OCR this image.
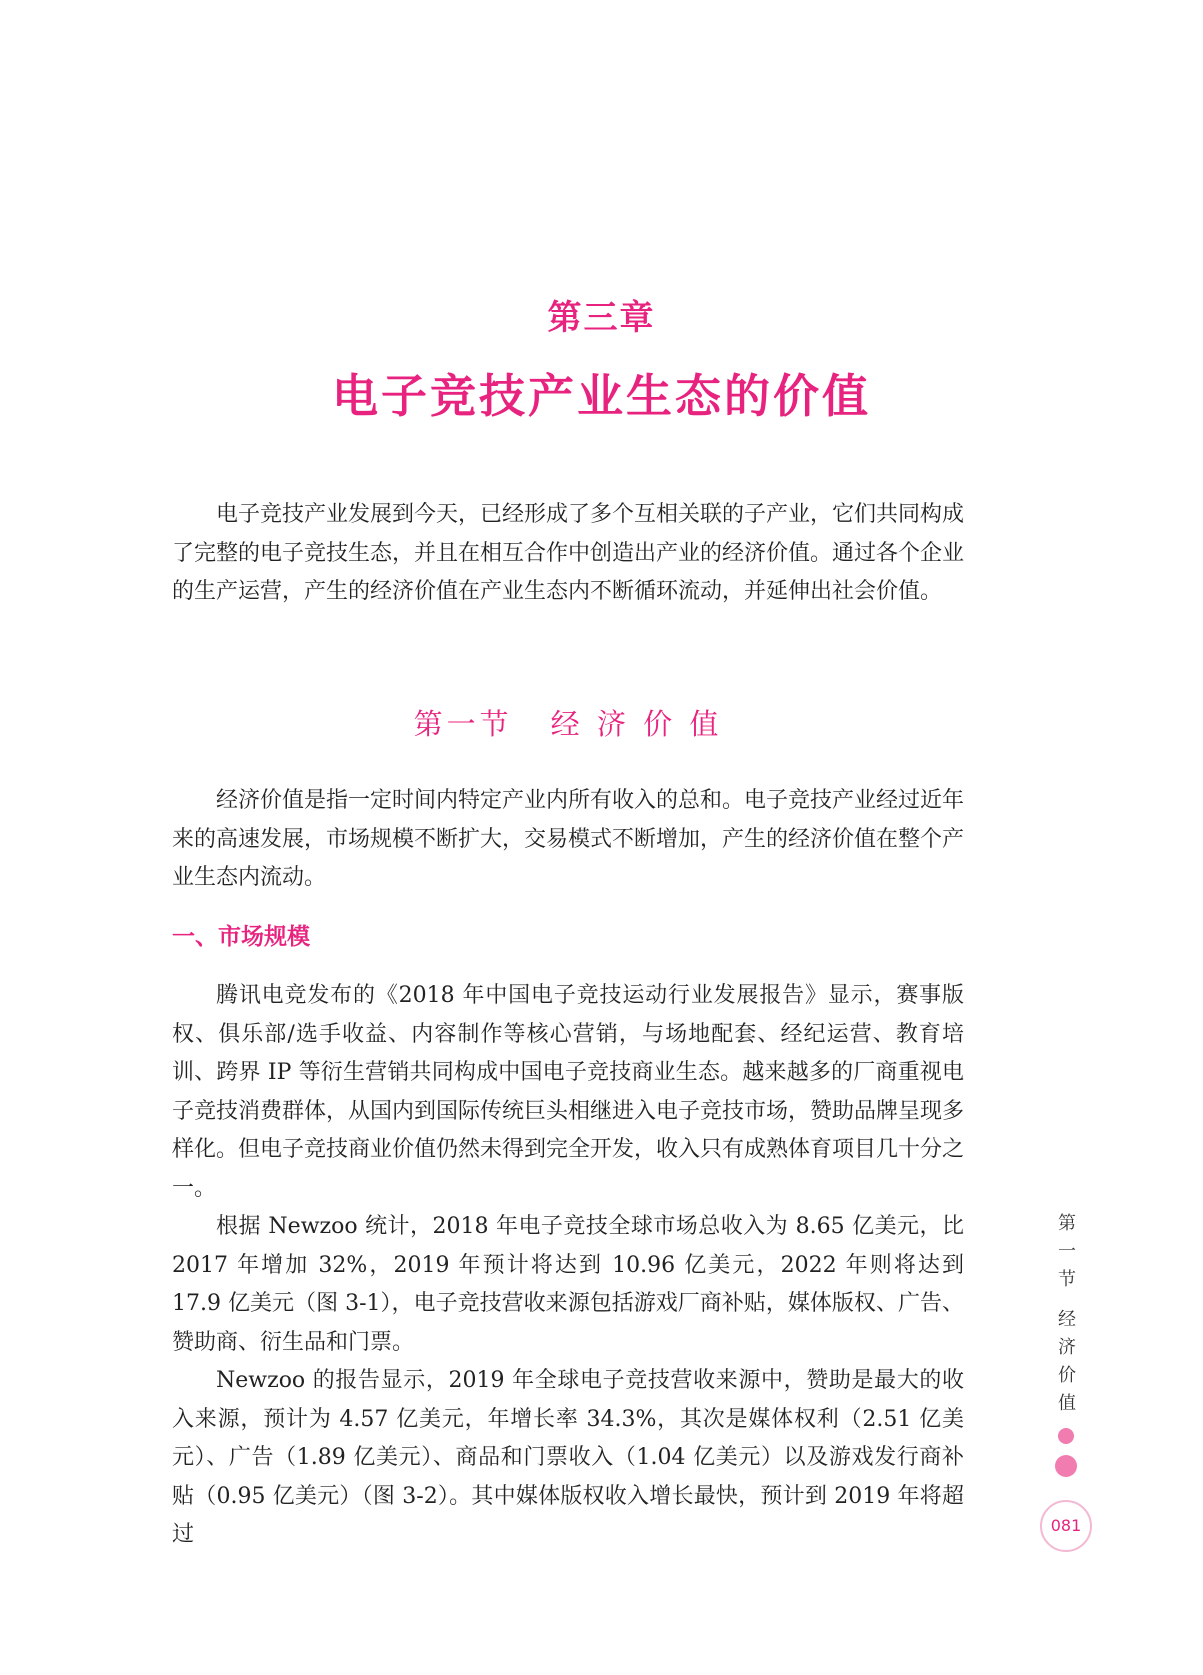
第三章
电子竞技产业生态的价值

电子竞技产业发展到今天，已经形成了多个互相关联的子产业，它们共同构成了完整的电子竞技生态，并且在相互合作中创造出产业的经济价值。通过各个企业的生产运营，产生的经济价值在产业生态内不断循环流动，并延伸出社会价值。

第一节 经 济 价 值

经济价值是指一定时间内特定产业内所有收入的总和。电子竞技产业经过近年来的高速发展，市场规模不断扩大，交易模式不断增加，产生的经济价值在整个产业生态内流动。

一、市场规模

腾讯电竞发布的《2018 年中国电子竞技运动行业发展报告》显示，赛事版权、俱乐部/选手收益、内容制作等核心营销，与场地配套、经纪运营、教育培训、跨界 IP 等衍生营销共同构成中国电子竞技商业生态。越来越多的厂商重视电子竞技消费群体，从国内到国际传统巨头相继进入电子竞技市场，赞助品牌呈现多样化。但电子竞技商业价值仍然未得到完全开发，收入只有成熟体育项目几十分之一。

根据 Newzoo 统计，2018 年电子竞技全球市场总收入为 8.65 亿美元，比 2017 年增加 32%，2019 年预计将达到 10.96 亿美元，2022 年则将达到 17.9 亿美元（图 3-1），电子竞技营收来源包括游戏厂商补贴，媒体版权、广告、赞助商、衍生品和门票。

Newzoo 的报告显示，2019 年全球电子竞技营收来源中，赞助是最大的收入来源，预计为 4.57 亿美元，年增长率 34.3%，其次是媒体权利（2.51 亿美元）、广告（1.89 亿美元）、商品和门票收入（1.04 亿美元）以及游戏发行商补贴（0.95 亿美元）（图 3-2）。其中媒体版权收入增长最快，预计到 2019 年将超过

第
一
节
经
济
价
值
081
